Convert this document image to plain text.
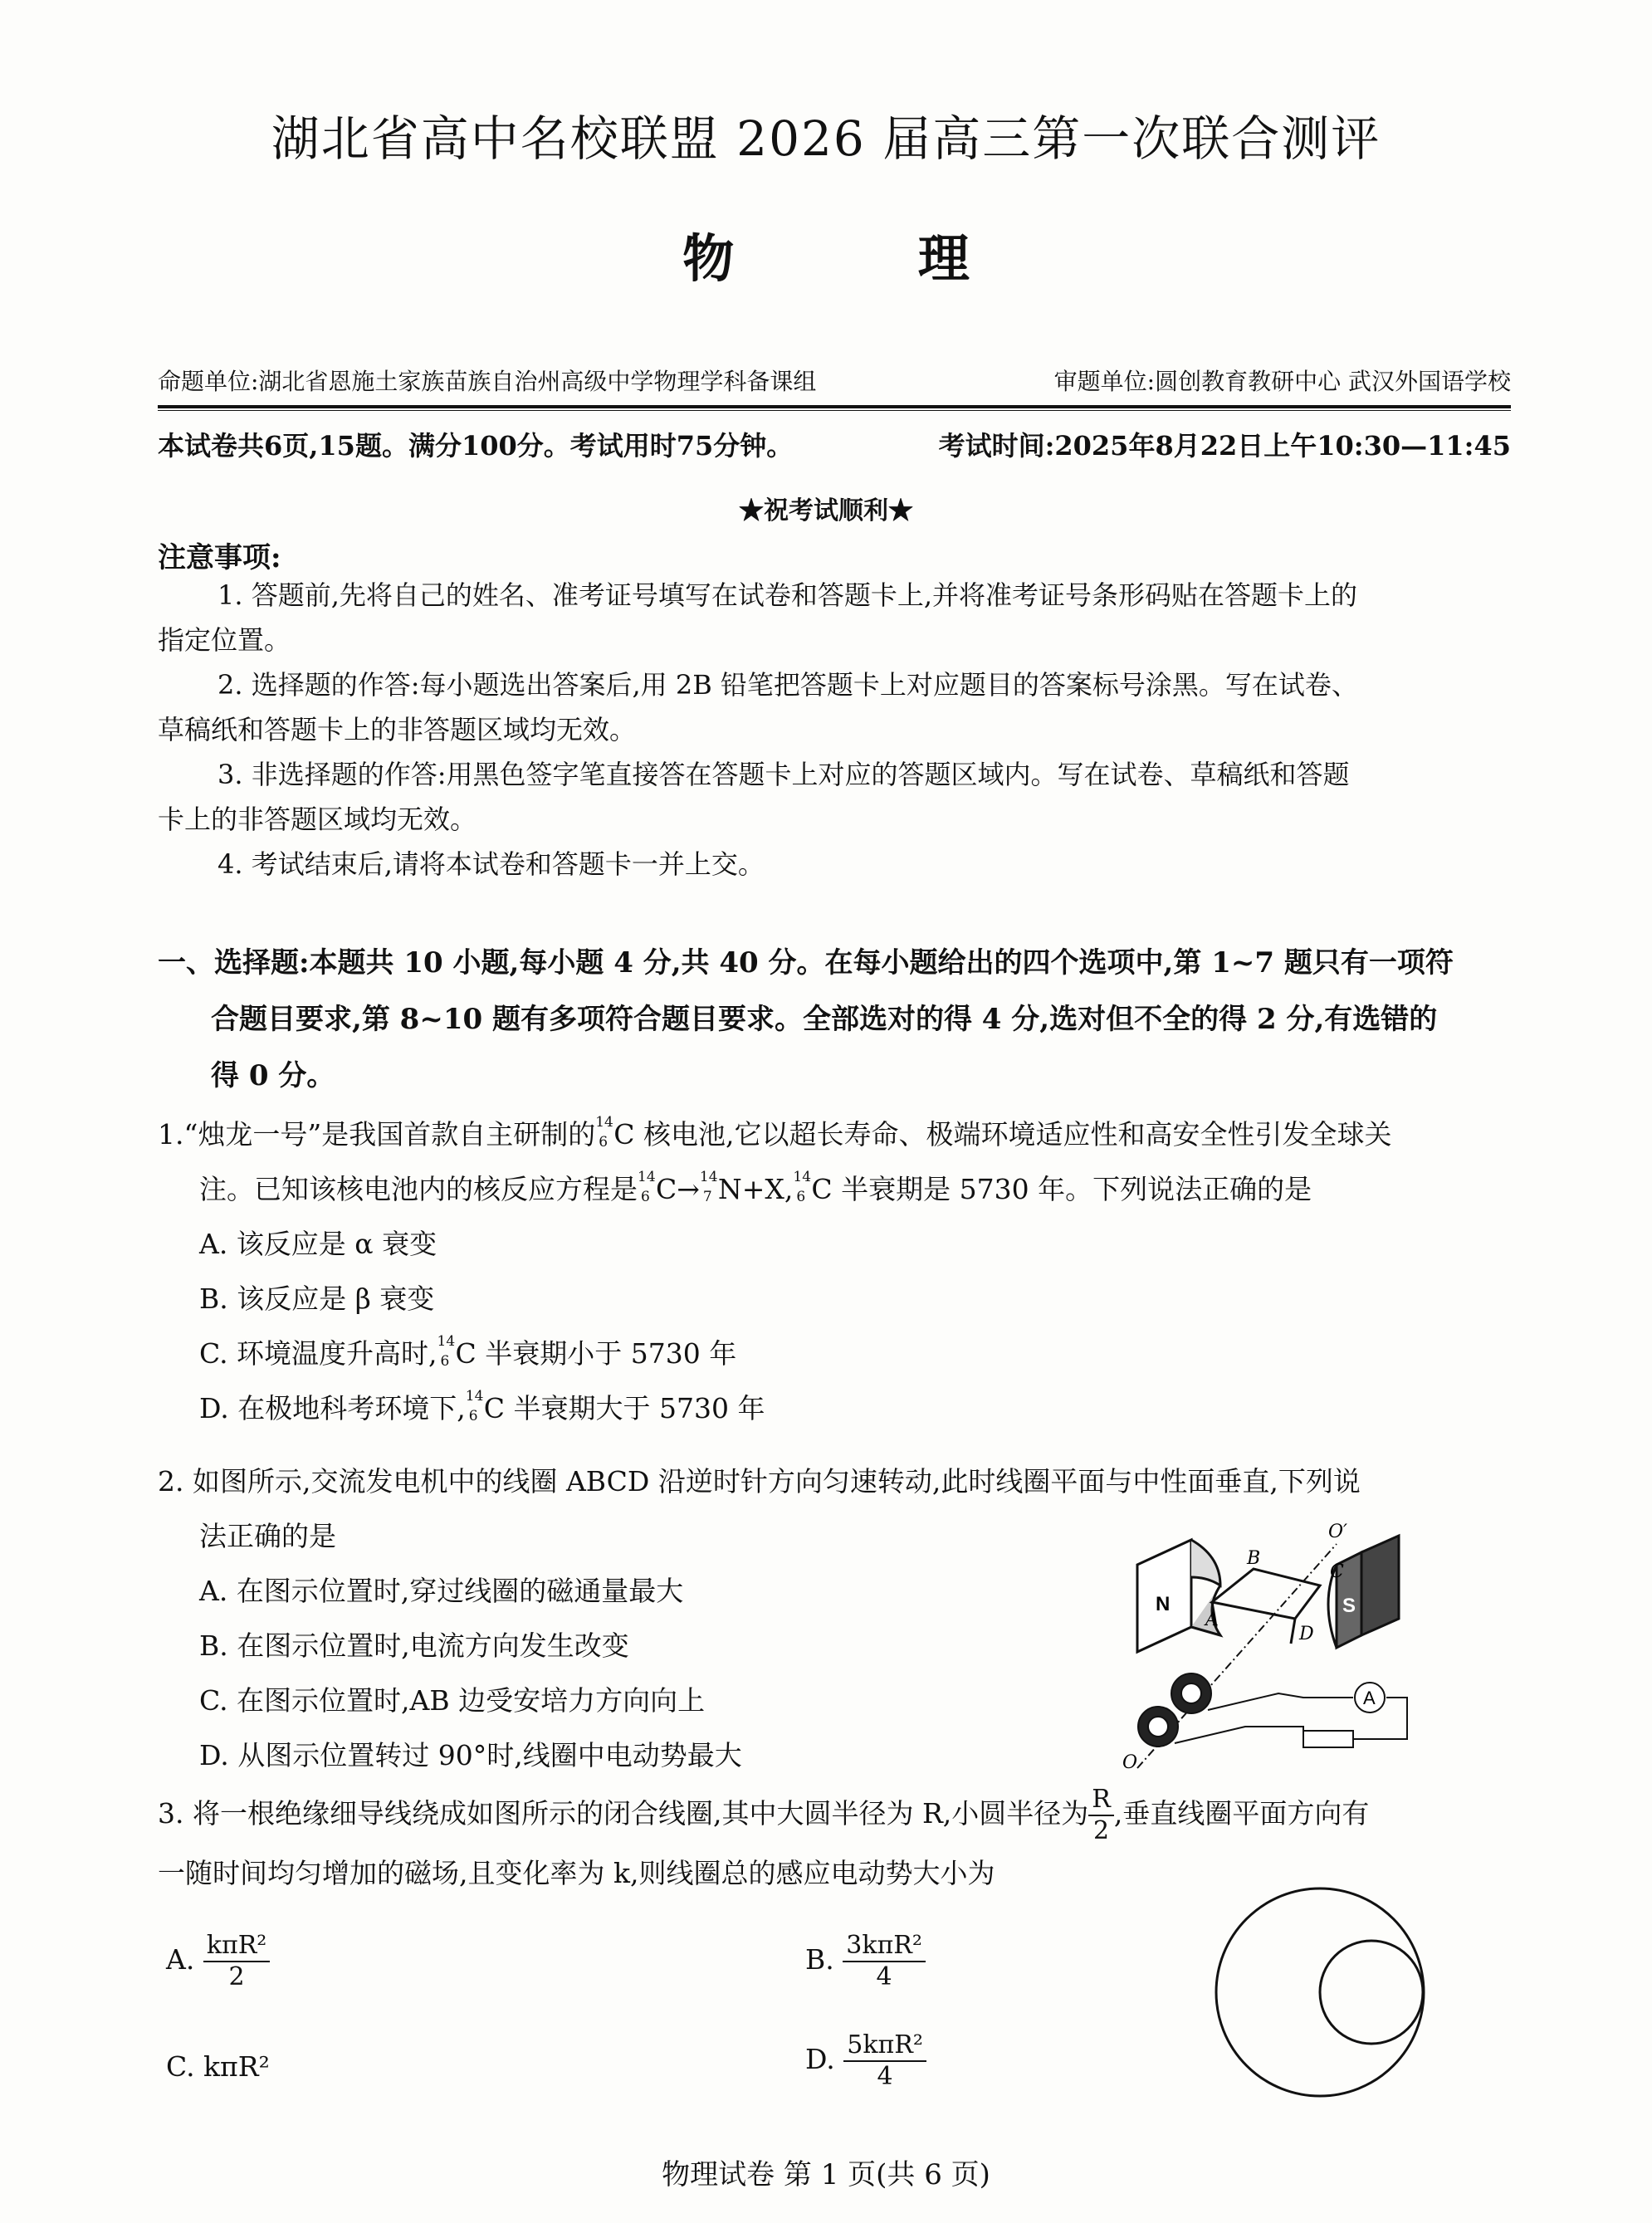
湖北省高中名校联盟 2026 届高三第一次联合测评
物 理
命题单位:湖北省恩施土家族苗族自治州高级中学物理学科备课组	审题单位:圆创教育教研中心 武汉外国语学校
本试卷共6页,15题。满分100分。考试用时75分钟。	考试时间:2025年8月22日上午10:30—11:45
★祝考试顺利★
注意事项:
1. 答题前,先将自己的姓名、准考证号填写在试卷和答题卡上,并将准考证号条形码贴在答题卡上的
指定位置。
2. 选择题的作答:每小题选出答案后,用 2B 铅笔把答题卡上对应题目的答案标号涂黑。写在试卷、
草稿纸和答题卡上的非答题区域均无效。
3. 非选择题的作答:用黑色签字笔直接答在答题卡上对应的答题区域内。写在试卷、草稿纸和答题
卡上的非答题区域均无效。
4. 考试结束后,请将本试卷和答题卡一并上交。
一、选择题:本题共 10 小题,每小题 4 分,共 40 分。在每小题给出的四个选项中,第 1~7 题只有一项符
合题目要求,第 8~10 题有多项符合题目要求。全部选对的得 4 分,选对但不全的得 2 分,有选错的
得 0 分。
1.“烛龙一号”是我国首款自主研制的 14
6 C 核电池,它以超长寿命、极端环境适应性和高安全性引发全球关
注。已知该核电池内的核反应方程是 14
6 C→ 14
7 N+X, 14
6 C 半衰期是 5730 年。下列说法正确的是
A. 该反应是 α 衰变
B. 该反应是 β 衰变
C. 环境温度升高时, 14
6 C 半衰期小于 5730 年
D. 在极地科考环境下, 14
6 C 半衰期大于 5730 年
2. 如图所示,交流发电机中的线圈 ABCD 沿逆时针方向匀速转动,此时线圈平面与中性面垂直,下列说
法正确的是
A. 在图示位置时,穿过线圈的磁通量最大
B. 在图示位置时,电流方向发生改变
C. 在图示位置时,AB 边受安培力方向向上
D. 从图示位置转过 90°时,线圈中电动势最大
N	S
A
B
C
D
O′
O
A
3. 将一根绝缘细导线绕成如图所示的闭合线圈,其中大圆半径为 R,小圆半径为 $\frac{R}{2}$ ,垂直线圈平面方向有
一随时间均匀增加的磁场,且变化率为 k,则线圈总的感应电动势大小为
A. $\frac{\text{kπR²}}{2}$	B. $\frac{\text{3kπR²}}{4}$
C. kπR²	D. $\frac{\text{5kπR²}}{4}$
物理试卷 第 1 页(共 6 页)
